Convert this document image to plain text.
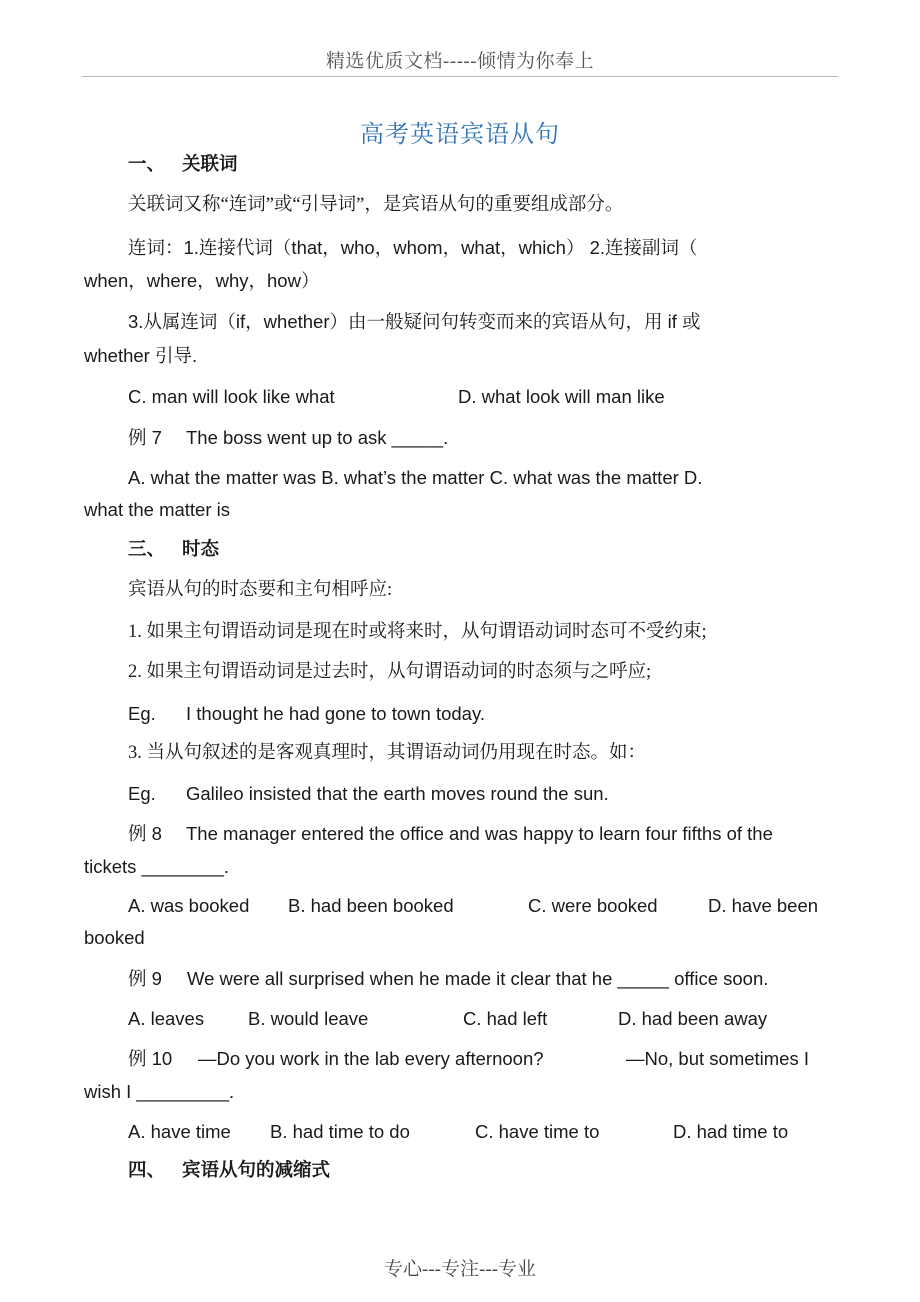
精选优质文档-----倾情为你奉上
高考英语宾语从句
一、 关联词
关联词又称“连词”或“引导词”，是宾语从句的重要组成部分。
连词：1.连接代词（that，who，whom，what，which） 2.连接副词（
when，where，why，how）
3.从属连词（if，whether）由一般疑问句转变而来的宾语从句，用 if 或
whether 引导.
C. man will look like what	D. what look will man like
例 7 The boss went up to ask _____.
A. what the matter was B. what’s the matter C. what was the matter D.
what the matter is
三、 时态
宾语从句的时态要和主句相呼应:
1. 如果主句谓语动词是现在时或将来时，从句谓语动词时态可不受约束;
2. 如果主句谓语动词是过去时，从句谓语动词的时态须与之呼应;
Eg. I thought he had gone to town today.
3. 当从句叙述的是客观真理时，其谓语动词仍用现在时态。如：
Eg. Galileo insisted that the earth moves round the sun.
例 8 The manager entered the office and was happy to learn four fifths of the
tickets ________.
A. was booked B. had been booked	C. were booked	D. have been
booked
例 9 We were all surprised when he made it clear that he _____ office soon.
A. leaves B. would leave	C. had left	D. had been away
例 10 —Do you work in the lab every afternoon?	—No, but sometimes I
wish I _________.
A. have time B. had time to do	C. have time to	D. had time to
四、 宾语从句的减缩式
专心---专注---专业
